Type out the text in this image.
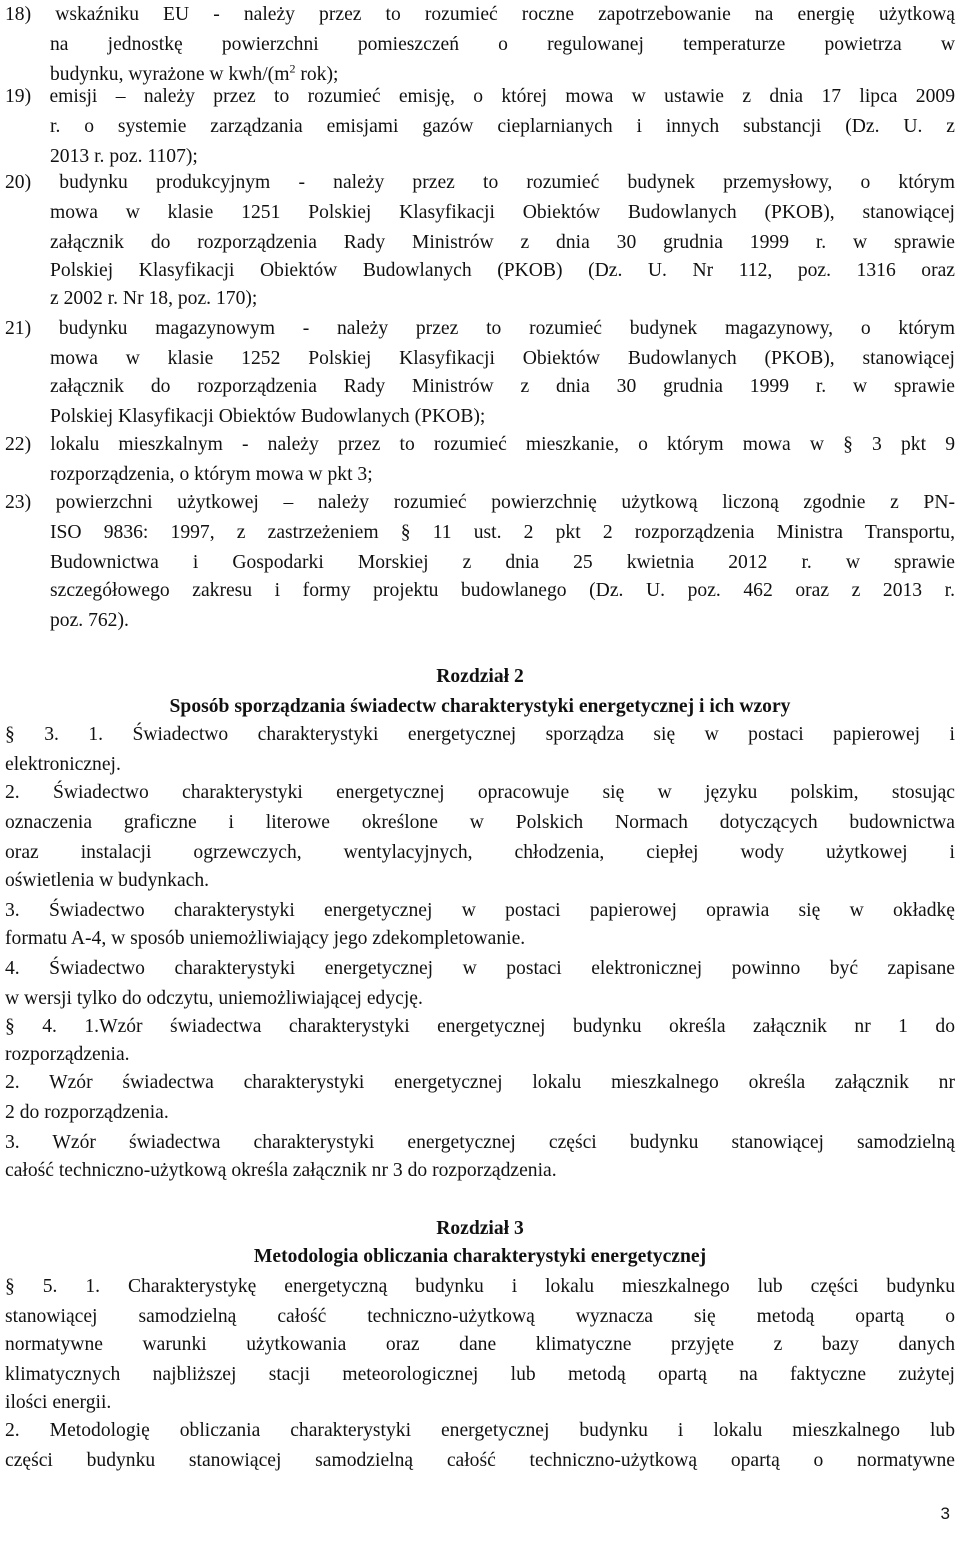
18) wskaźniku EU - należy przez to rozumieć roczne zapotrzebowanie na energię użytkową
na jednostkę powierzchni pomieszczeń o regulowanej temperaturze powietrza w
budynku, wyrażone w kwh/($m^2$ rok);
19) emisji – należy przez to rozumieć emisję, o której mowa w ustawie z dnia 17 lipca 2009
r. o systemie zarządzania emisjami gazów cieplarnianych i innych substancji (Dz. U. z
2013 r. poz. 1107);
20) budynku produkcyjnym - należy przez to rozumieć budynek przemysłowy, o którym
mowa w klasie 1251 Polskiej Klasyfikacji Obiektów Budowlanych (PKOB), stanowiącej
załącznik do rozporządzenia Rady Ministrów z dnia 30 grudnia 1999 r. w sprawie
Polskiej Klasyfikacji Obiektów Budowlanych (PKOB) (Dz. U. Nr 112, poz. 1316 oraz
z 2002 r. Nr 18, poz. 170);
21) budynku magazynowym - należy przez to rozumieć budynek magazynowy, o którym
mowa w klasie 1252 Polskiej Klasyfikacji Obiektów Budowlanych (PKOB), stanowiącej
załącznik do rozporządzenia Rady Ministrów z dnia 30 grudnia 1999 r. w sprawie
Polskiej Klasyfikacji Obiektów Budowlanych (PKOB);
22) lokalu mieszkalnym - należy przez to rozumieć mieszkanie, o którym mowa w § 3 pkt 9
rozporządzenia, o którym mowa w pkt 3;
23) powierzchni użytkowej – należy rozumieć powierzchnię użytkową liczoną zgodnie z PN-
ISO 9836: 1997, z zastrzeżeniem § 11 ust. 2 pkt 2 rozporządzenia Ministra Transportu,
Budownictwa i Gospodarki Morskiej z dnia 25 kwietnia 2012 r. w sprawie
szczegółowego zakresu i formy projektu budowlanego (Dz. U. poz. 462 oraz z 2013 r.
poz. 762).
Rozdział 2
Sposób sporządzania świadectw charakterystyki energetycznej i ich wzory
§ 3. 1. Świadectwo charakterystyki energetycznej sporządza się w postaci papierowej i
elektronicznej.
2. Świadectwo charakterystyki energetycznej opracowuje się w języku polskim, stosując
oznaczenia graficzne i literowe określone w Polskich Normach dotyczących budownictwa
oraz instalacji ogrzewczych, wentylacyjnych, chłodzenia, ciepłej wody użytkowej i
oświetlenia w budynkach.
3. Świadectwo charakterystyki energetycznej w postaci papierowej oprawia się w okładkę
formatu A-4, w sposób uniemożliwiający jego zdekompletowanie.
4. Świadectwo charakterystyki energetycznej w postaci elektronicznej powinno być zapisane
w wersji tylko do odczytu, uniemożliwiającej edycję.
§ 4. 1.Wzór świadectwa charakterystyki energetycznej budynku określa załącznik nr 1 do
rozporządzenia.
2. Wzór świadectwa charakterystyki energetycznej lokalu mieszkalnego określa załącznik nr
2 do rozporządzenia.
3. Wzór świadectwa charakterystyki energetycznej części budynku stanowiącej samodzielną
całość techniczno-użytkową określa załącznik nr 3 do rozporządzenia.
Rozdział 3
Metodologia obliczania charakterystyki energetycznej
§ 5. 1. Charakterystykę energetyczną budynku i lokalu mieszkalnego lub części budynku
stanowiącej samodzielną całość techniczno-użytkową wyznacza się metodą opartą o
normatywne warunki użytkowania oraz dane klimatyczne przyjęte z bazy danych
klimatycznych najbliższej stacji meteorologicznej lub metodą opartą na faktyczne zużytej
ilości energii.
2. Metodologię obliczania charakterystyki energetycznej budynku i lokalu mieszkalnego lub
części budynku stanowiącej samodzielną całość techniczno-użytkową opartą o normatywne
3
